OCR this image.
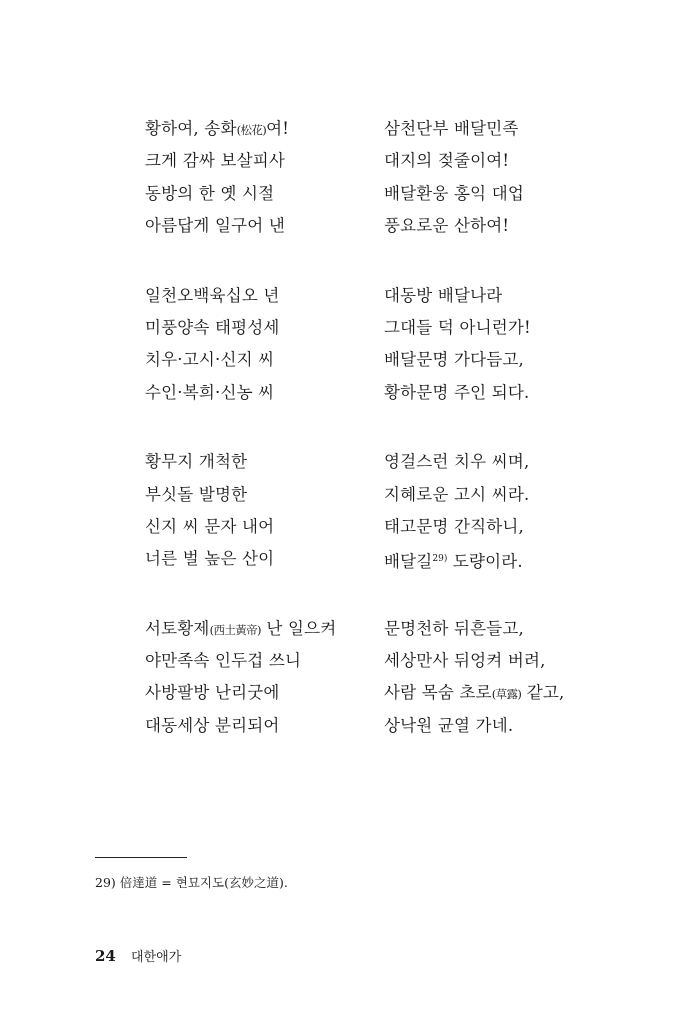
황하여, 송화(松花)여!
크게 감싸 보살피사
동방의 한 옛 시절
아름답게 일구어 낸
일천오백육십오 년
미풍양속 태평성세
치우·고시·신지 씨
수인·복희·신농 씨
황무지 개척한
부싯돌 발명한
신지 씨 문자 내어
너른 벌 높은 산이
서토황제(西土黃帝) 난 일으켜
야만족속 인두겁 쓰니
사방팔방 난리굿에
대동세상 분리되어
삼천단부 배달민족
대지의 젖줄이여!
배달환웅 홍익 대업
풍요로운 산하여!
대동방 배달나라
그대들 덕 아니런가!
배달문명 가다듬고,
황하문명 주인 되다.
영걸스런 치우 씨며,
지혜로운 고시 씨라.
태고문명 간직하니,
배달길$^{29)}$ 도량이라.
문명천하 뒤흔들고,
세상만사 뒤엉켜 버려,
사람 목숨 초로(草露) 같고,
상낙원 균열 가네.
29) 倍達道 = 현묘지도(玄妙之道).
24 대한애가
